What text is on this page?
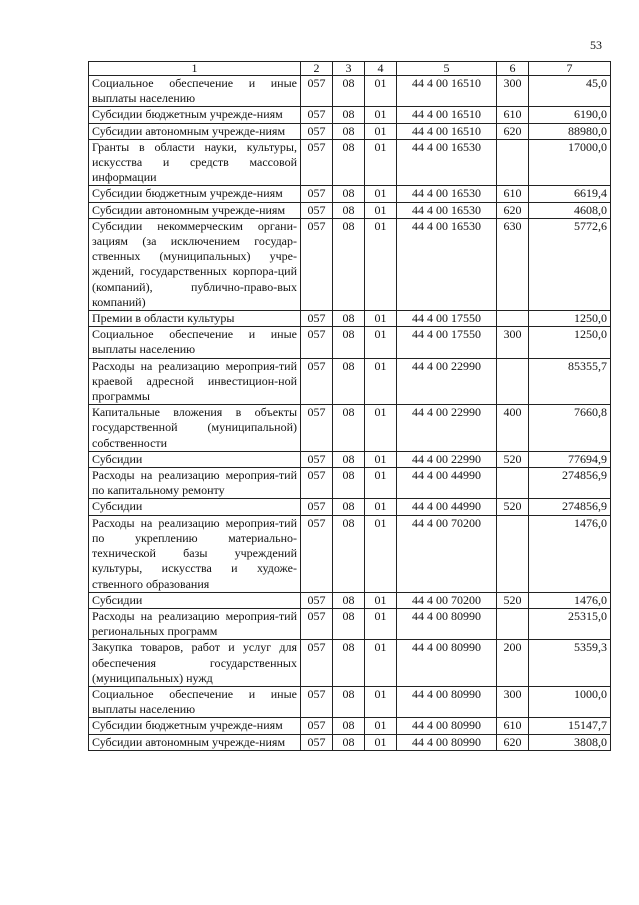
53
1	2	3	4	5	6	7
Социальное обеспечение и иные выплаты населению	057	08	01	44 4 00 16510	300	45,0
Субсидии бюджетным учрежде-ниям	057	08	01	44 4 00 16510	610	6190,0
Субсидии автономным учрежде-ниям	057	08	01	44 4 00 16510	620	88980,0
Гранты в области науки, культуры, искусства и средств массовой информации	057	08	01	44 4 00 16530		17000,0
Субсидии бюджетным учрежде-ниям	057	08	01	44 4 00 16530	610	6619,4
Субсидии автономным учрежде-ниям	057	08	01	44 4 00 16530	620	4608,0
Субсидии некоммерческим органи-зациям (за исключением государ-ственных (муниципальных) учре-ждений, государственных корпора-ций (компаний), публично-право-вых компаний)	057	08	01	44 4 00 16530	630	5772,6
Премии в области культуры	057	08	01	44 4 00 17550		1250,0
Социальное обеспечение и иные выплаты населению	057	08	01	44 4 00 17550	300	1250,0
Расходы на реализацию мероприя-тий краевой адресной инвестицион-ной программы	057	08	01	44 4 00 22990		85355,7
Капитальные вложения в объекты государственной (муниципальной) собственности	057	08	01	44 4 00 22990	400	7660,8
Субсидии	057	08	01	44 4 00 22990	520	77694,9
Расходы на реализацию мероприя-тий по капитальному ремонту	057	08	01	44 4 00 44990		274856,9
Субсидии	057	08	01	44 4 00 44990	520	274856,9
Расходы на реализацию мероприя-тий по укреплению материально-технической базы учреждений культуры, искусства и художе-ственного образования	057	08	01	44 4 00 70200		1476,0
Субсидии	057	08	01	44 4 00 70200	520	1476,0
Расходы на реализацию мероприя-тий региональных программ	057	08	01	44 4 00 80990		25315,0
Закупка товаров, работ и услуг для обеспечения государственных (муниципальных) нужд	057	08	01	44 4 00 80990	200	5359,3
Социальное обеспечение и иные выплаты населению	057	08	01	44 4 00 80990	300	1000,0
Субсидии бюджетным учрежде-ниям	057	08	01	44 4 00 80990	610	15147,7
Субсидии автономным учрежде-ниям	057	08	01	44 4 00 80990	620	3808,0
